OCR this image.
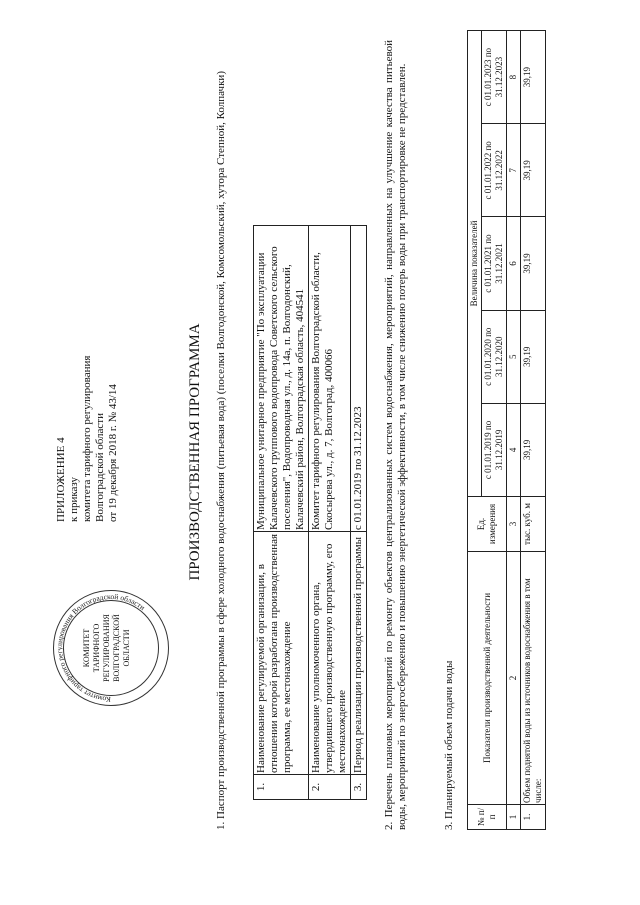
ПРИЛОЖЕНИЕ 4 к приказу комитета тарифного регулирования Волгоградской области от 19 декабря 2018 г. № 43/14
Комитет тарифного регулирования Волгоградской области
КОМИТЕТ ТАРИФНОГО РЕГУЛИРОВАНИЯ ВОЛГОГРАДСКОЙ ОБЛАСТИ
ПРОИЗВОДСТВЕННАЯ ПРОГРАММА 1. Паспорт производственной программы в сфере холодного водоснабжения (питьевая вода) (поселки Волгодонской, Комсомольский, хутора Степной, Колпачки)	1.	Наименование регулируемой организации, в отношении которой разработана производственная программа, ее местонахождение	Муниципальное унитарное предприятие "По эксплуатации Калачевского группового водопровода Советского сельского поселения", Водопроводная ул., д. 14а, п. Волгодонский, Калачевский район, Волгоградская область, 404541
2.	Наименование уполномоченного органа, утвердившего производственную программу, его местонахождение	Комитет тарифного регулирования Волгоградской области, Скосырева ул., д. 7, Волгоград, 400066
3.	Период реализации производственной программы	с 01.01.2019 по 31.12.2023 2. Перечень плановых мероприятий по ремонту объектов централизованных систем водоснабжения, мероприятий, направленных на улучшение качества питьевой воды, мероприятий по энергосбережению и повышению энергетической эффективности, в том числе снижению потерь воды при транспортировке не представлен.	3. Планируемый объем подачи воды № п/п	Показатели производственной деятельности	Ед. измерения	Величина показателей				
			с 01.01.2019 по 31.12.2019	с 01.01.2020 по 31.12.2020	с 01.01.2021 по 31.12.2021	с 01.01.2022 по 31.12.2022	с 01.01.2023 по 31.12.2023
1	2	3	4	5	6	7	8
1.	Объем поднятой воды из источников водоснабжения в том числе:	тыс. куб. м	39,19	39,19	39,19	39,19	39,19
